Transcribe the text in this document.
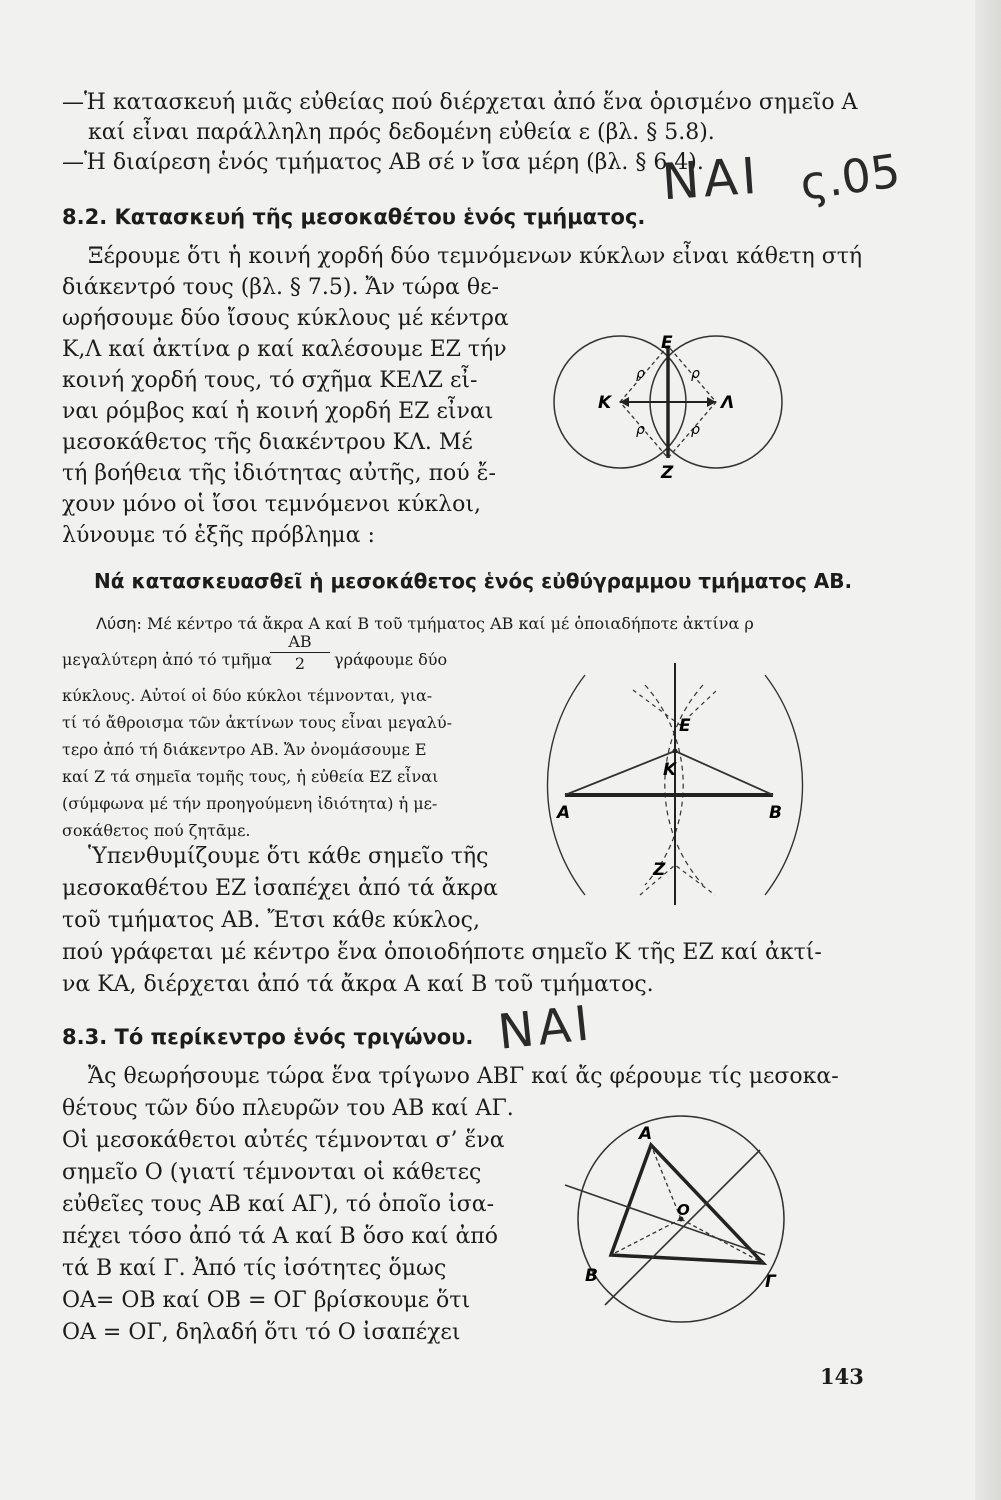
—Ἡ κατασκευή μιᾶς εὐθείας πού διέρχεται ἀπό ἕνα ὁρισμένο σημεῖο Α
καί εἶναι παράλληλη πρός δεδομένη εὐθεία ε (βλ. § 5.8).
—Ἡ διαίρεση ἑνός τμήματος ΑΒ σέ ν ἴσα μέρη (βλ. § 6.4).
ΝΑΙ ς.05
8.2. Κατασκευή τῆς μεσοκαθέτου ἑνός τμήματος.
Ξέρουμε ὅτι ἡ κοινή χορδή δύο τεμνόμενων κύκλων εἶναι κάθετη στή
διάκεντρό τους (βλ. § 7.5). Ἄν τώρα θε-
ωρήσουμε δύο ἴσους κύκλους μέ κέντρα
Κ,Λ καί ἀκτίνα ρ καί καλέσουμε ΕΖ τήν
κοινή χορδή τους, τό σχῆμα ΚΕΛΖ εἶ-
ναι ρόμβος καί ἡ κοινή χορδή ΕΖ εἶναι
μεσοκάθετος τῆς διακέντρου ΚΛ. Μέ
τή βοήθεια τῆς ἰδιότητας αὐτῆς, πού ἔ-
χουν μόνο οἱ ἴσοι τεμνόμενοι κύκλοι,
λύνουμε τό ἑξῆς πρόβλημα :
Ε
Κ	Λ
Ζ
ρ	ρ
ρ	ρ
Νά κατασκευασθεῖ ἡ μεσοκάθετος ἑνός εὐθύγραμμου τμήματος ΑΒ.
Λύση: Μέ κέντρο τά ἄκρα Α καί Β τοῦ τμήματος ΑΒ καί μέ ὁποιαδήποτε ἀκτίνα ρ
μεγαλύτερη ἀπό τό τμῆμα
ΑΒ
2	γράφουμε δύο
κύκλους. Αὐτοί οἱ δύο κύκλοι τέμνονται, για-
τί τό ἄθροισμα τῶν ἀκτίνων τους εἶναι μεγαλύ-
τερο ἀπό τή διάκεντρο ΑΒ. Ἄν ὀνομάσουμε Ε
καί Ζ τά σημεῖα τομῆς τους, ἡ εὐθεία ΕΖ εἶναι
(σύμφωνα μέ τήν προηγούμενη ἰδιότητα) ἡ με-
σοκάθετος πού ζητᾶμε.
Ε
Κ
Α	Β
Ζ
Ὑπενθυμίζουμε ὅτι κάθε σημεῖο τῆς
μεσοκαθέτου ΕΖ ἰσαπέχει ἀπό τά ἄκρα
τοῦ τμήματος ΑΒ. Ἔτσι κάθε κύκλος,
πού γράφεται μέ κέντρο ἕνα ὁποιοδήποτε σημεῖο Κ τῆς ΕΖ καί ἀκτί-
να ΚΑ, διέρχεται ἀπό τά ἄκρα Α καί Β τοῦ τμήματος.
8.3. Τό περίκεντρο ἑνός τριγώνου. ΝΑΙ
Ἄς θεωρήσουμε τώρα ἕνα τρίγωνο ΑΒΓ καί ἄς φέρουμε τίς μεσοκα-
θέτους τῶν δύο πλευρῶν του ΑΒ καί ΑΓ.
Οἱ μεσοκάθετοι αὐτές τέμνονται σ’ ἕνα
σημεῖο Ο (γιατί τέμνονται οἱ κάθετες
εὐθεῖες τους ΑΒ καί ΑΓ), τό ὁποῖο ἰσα-
πέχει τόσο ἀπό τά Α καί Β ὅσο καί ἀπό
τά Β καί Γ. Ἀπό τίς ἰσότητες ὅμως
ΟΑ= ΟΒ καί ΟΒ = ΟΓ βρίσκουμε ὅτι
ΟΑ = ΟΓ, δηλαδή ὅτι τό Ο ἰσαπέχει
Α
Β	Γ
Ο
143
